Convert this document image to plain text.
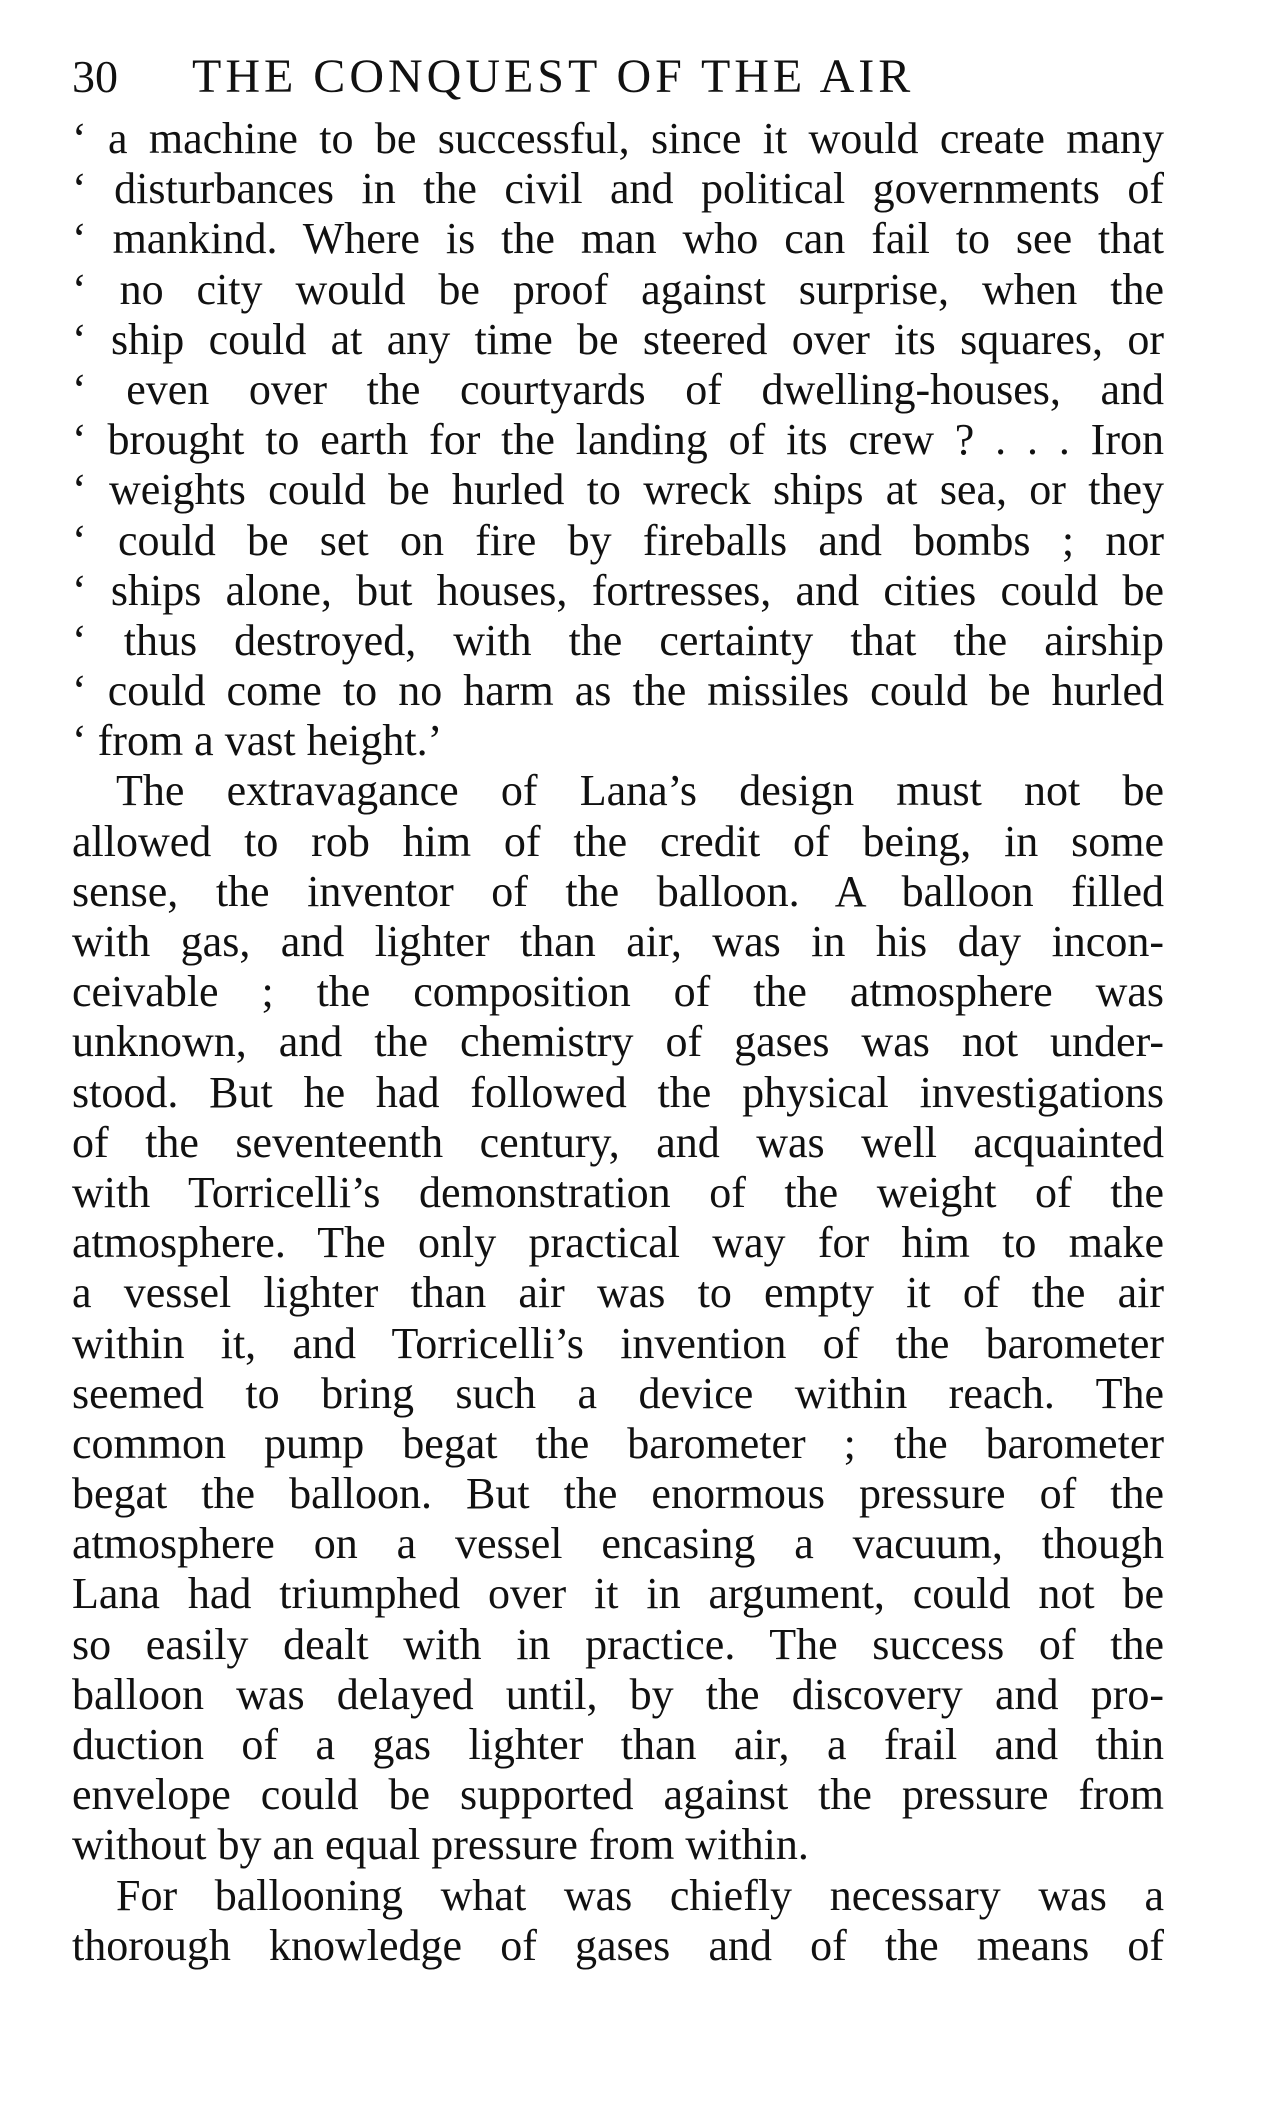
30 THE CONQUEST OF THE AIR
‘ a machine to be successful, since it would create many
‘ disturbances in the civil and political governments of
‘ mankind. Where is the man who can fail to see that
‘ no city would be proof against surprise, when the
‘ ship could at any time be steered over its squares, or
‘ even over the courtyards of dwelling-houses, and
‘ brought to earth for the landing of its crew ? . . . Iron
‘ weights could be hurled to wreck ships at sea, or they
‘ could be set on fire by fireballs and bombs ; nor
‘ ships alone, but houses, fortresses, and cities could be
‘ thus destroyed, with the certainty that the airship
‘ could come to no harm as the missiles could be hurled
‘ from a vast height.’
The extravagance of Lana’s design must not be
allowed to rob him of the credit of being, in some
sense, the inventor of the balloon. A balloon filled
with gas, and lighter than air, was in his day incon-
ceivable ; the composition of the atmosphere was
unknown, and the chemistry of gases was not under-
stood. But he had followed the physical investigations
of the seventeenth century, and was well acquainted
with Torricelli’s demonstration of the weight of the
atmosphere. The only practical way for him to make
a vessel lighter than air was to empty it of the air
within it, and Torricelli’s invention of the barometer
seemed to bring such a device within reach. The
common pump begat the barometer ; the barometer
begat the balloon. But the enormous pressure of the
atmosphere on a vessel encasing a vacuum, though
Lana had triumphed over it in argument, could not be
so easily dealt with in practice. The success of the
balloon was delayed until, by the discovery and pro-
duction of a gas lighter than air, a frail and thin
envelope could be supported against the pressure from
without by an equal pressure from within.
For ballooning what was chiefly necessary was a
thorough knowledge of gases and of the means of
